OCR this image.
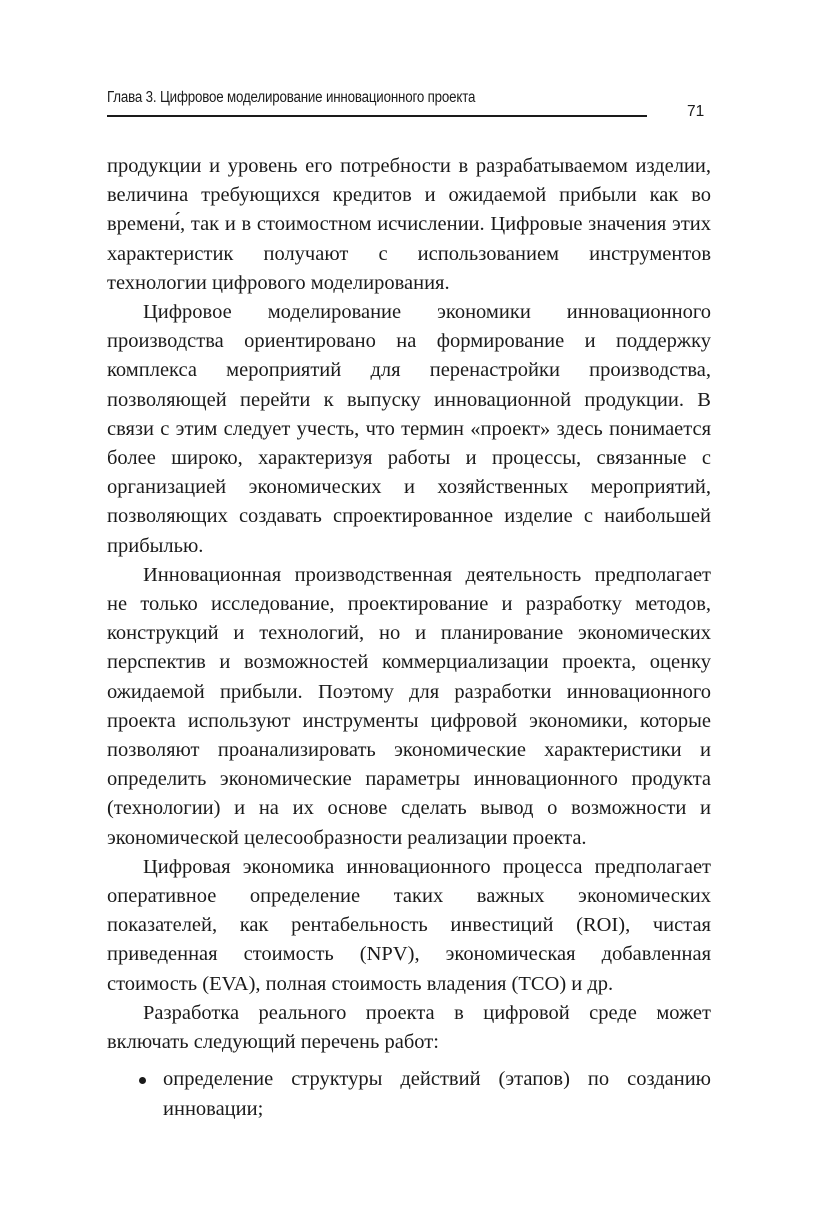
Глава 3. Цифровое моделирование инновационного проекта
71

продукции и уровень его потребности в разрабатываемом изделии, величина требующихся кредитов и ожидаемой прибыли как во времени́, так и в стоимостном исчислении. Цифровые значения этих характеристик получают с использованием инструментов технологии цифрового моделирования.

Цифровое моделирование экономики инновационного производства ориентировано на формирование и поддержку комплекса мероприятий для перенастройки производства, позволяющей перейти к выпуску инновационной продукции. В связи с этим следует учесть, что термин «проект» здесь понимается более широко, характеризуя работы и процессы, связанные с организацией экономических и хозяйственных мероприятий, позволяющих создавать спроектированное изделие с наибольшей прибылью.

Инновационная производственная деятельность предполагает не только исследование, проектирование и разработку методов, конструкций и технологий, но и планирование экономических перспектив и возможностей коммерциализации проекта, оценку ожидаемой прибыли. Поэтому для разработки инновационного проекта используют инструменты цифровой экономики, которые позволяют проанализировать экономические характеристики и определить экономические параметры инновационного продукта (технологии) и на их основе сделать вывод о возможности и экономической целесообразности реализации проекта.

Цифровая экономика инновационного процесса предполагает оперативное определение таких важных экономических показателей, как рентабельность инвестиций (ROI), чистая приведенная стоимость (NPV), экономическая добавленная стоимость (EVA), полная стоимость владения (TCO) и др.

Разработка реального проекта в цифровой среде может включать следующий перечень работ:

определение структуры действий (этапов) по созданию инновации;
